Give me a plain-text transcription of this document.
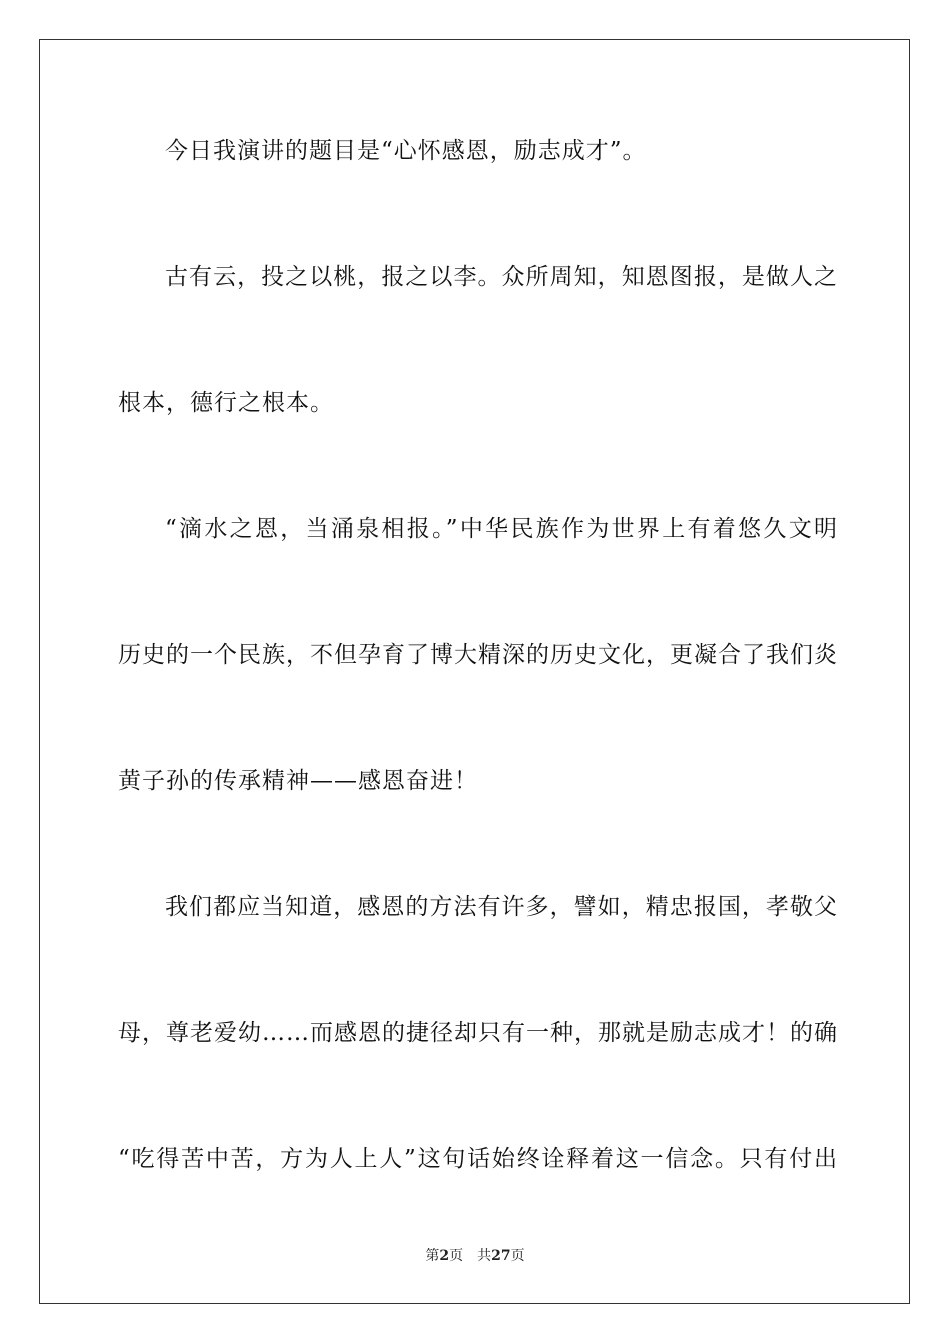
今日我演讲的题目是“心怀感恩，励志成才”。
古有云，投之以桃，报之以李。众所周知，知恩图报，是做人之
根本，德行之根本。
“滴水之恩，当涌泉相报。”中华民族作为世界上有着悠久文明
历史的一个民族，不但孕育了博大精深的历史文化，更凝合了我们炎
黄子孙的传承精神——感恩奋进！
我们都应当知道，感恩的方法有许多，譬如，精忠报国，孝敬父
母，尊老爱幼……而感恩的捷径却只有一种，那就是励志成才！的确
“吃得苦中苦，方为人上人”这句话始终诠释着这一信念。只有付出
第2页 共27页
